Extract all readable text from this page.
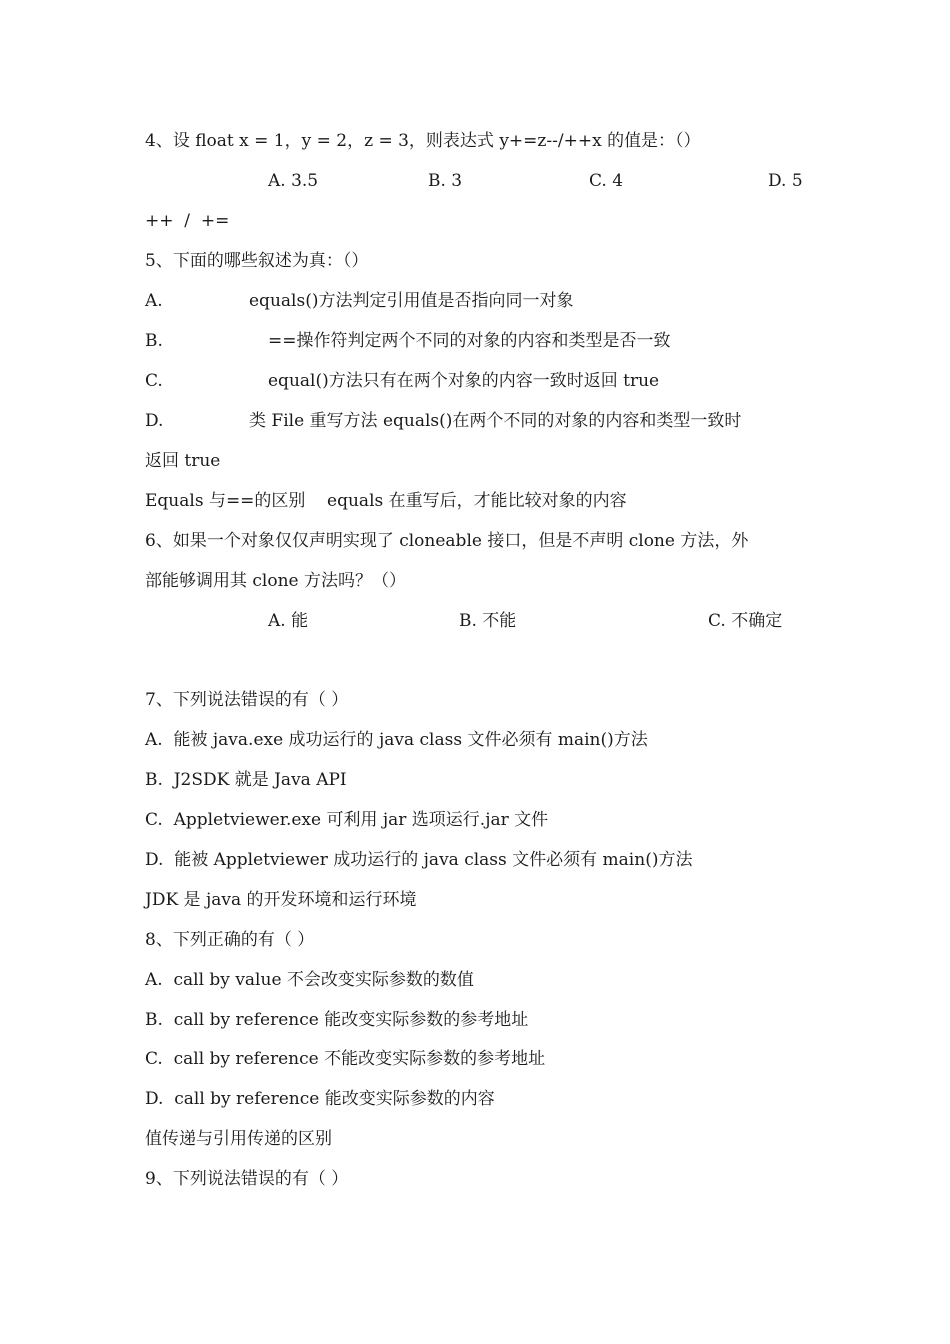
4、设 float x = 1，y = 2，z = 3，则表达式 y+=z--/++x 的值是：（）
A. 3.5	B. 3	C. 4	D. 5
++  /  +=
5、下面的哪些叙述为真：（）
A.	equals()方法判定引用值是否指向同一对象
B.	==操作符判定两个不同的对象的内容和类型是否一致
C.	equal()方法只有在两个对象的内容一致时返回 true
D.	类 File 重写方法 equals()在两个不同的对象的内容和类型一致时
返回 true
Equals 与==的区别    equals 在重写后，才能比较对象的内容
6、如果一个对象仅仅声明实现了 cloneable 接口，但是不声明 clone 方法，外
部能够调用其 clone 方法吗？（）
A. 能	B. 不能	C. 不确定
7、下列说法错误的有（ ）
A.  能被 java.exe 成功运行的 java class 文件必须有 main()方法
B.  J2SDK 就是 Java API
C.  Appletviewer.exe 可利用 jar 选项运行.jar 文件
D.  能被 Appletviewer 成功运行的 java class 文件必须有 main()方法
JDK 是 java 的开发环境和运行环境
8、下列正确的有（ ）
A.  call by value 不会改变实际参数的数值
B.  call by reference 能改变实际参数的参考地址
C.  call by reference 不能改变实际参数的参考地址
D.  call by reference 能改变实际参数的内容
值传递与引用传递的区别
9、下列说法错误的有（ ）
